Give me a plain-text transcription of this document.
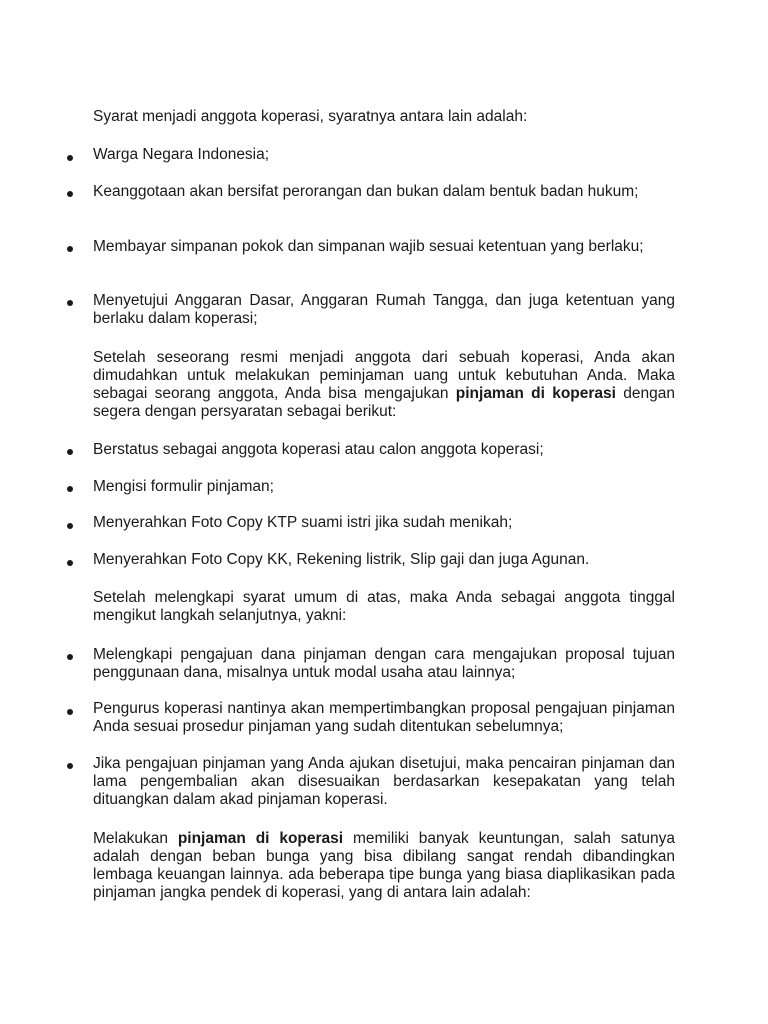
Syarat menjadi anggota koperasi, syaratnya antara lain adalah:
Warga Negara Indonesia;
Keanggotaan akan bersifat perorangan dan bukan dalam bentuk badan hukum;
Membayar simpanan pokok dan simpanan wajib sesuai ketentuan yang berlaku;
Menyetujui Anggaran Dasar, Anggaran Rumah Tangga, dan juga ketentuan yang berlaku dalam koperasi;
Setelah seseorang resmi menjadi anggota dari sebuah koperasi, Anda akan dimudahkan untuk melakukan peminjaman uang untuk kebutuhan Anda. Maka sebagai seorang anggota, Anda bisa mengajukan pinjaman di koperasi dengan segera dengan persyaratan sebagai berikut:
Berstatus sebagai anggota koperasi atau calon anggota koperasi;
Mengisi formulir pinjaman;
Menyerahkan Foto Copy KTP suami istri jika sudah menikah;
Menyerahkan Foto Copy KK, Rekening listrik, Slip gaji dan juga Agunan.
Setelah melengkapi syarat umum di atas, maka Anda sebagai anggota tinggal mengikut langkah selanjutnya, yakni:
Melengkapi pengajuan dana pinjaman dengan cara mengajukan proposal tujuan penggunaan dana, misalnya untuk modal usaha atau lainnya;
Pengurus koperasi nantinya akan mempertimbangkan proposal pengajuan pinjaman Anda sesuai prosedur pinjaman yang sudah ditentukan sebelumnya;
Jika pengajuan pinjaman yang Anda ajukan disetujui, maka pencairan pinjaman dan lama pengembalian akan disesuaikan berdasarkan kesepakatan yang telah dituangkan dalam akad pinjaman koperasi.
Melakukan pinjaman di koperasi memiliki banyak keuntungan, salah satunya adalah dengan beban bunga yang bisa dibilang sangat rendah dibandingkan lembaga keuangan lainnya. ada beberapa tipe bunga yang biasa diaplikasikan pada pinjaman jangka pendek di koperasi, yang di antara lain adalah:
